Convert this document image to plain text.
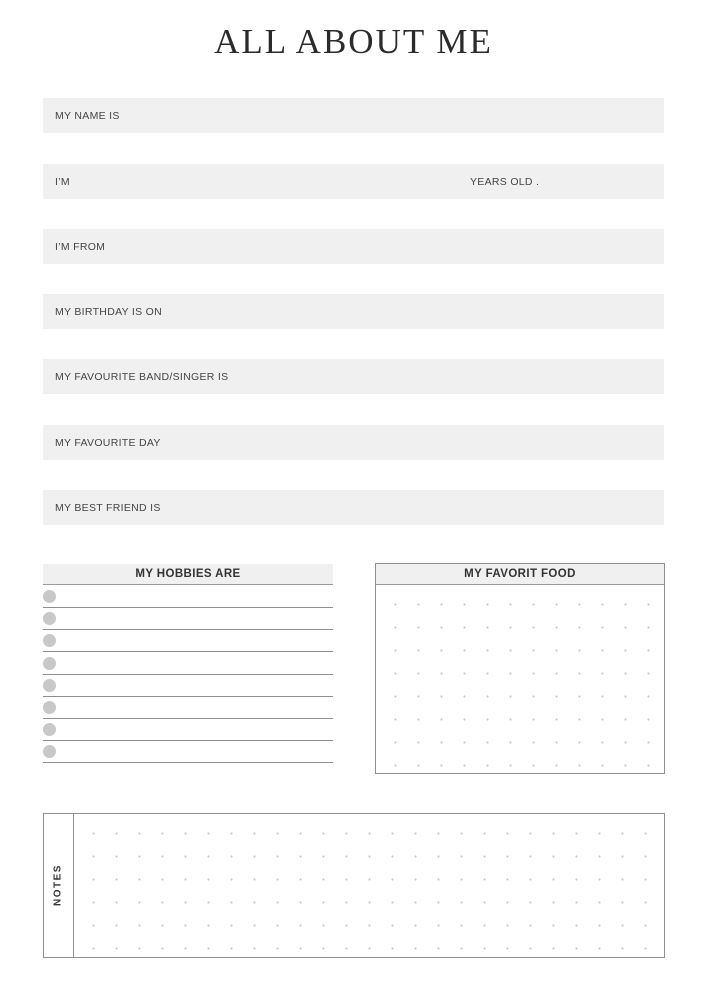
ALL ABOUT ME
MY NAME IS
I’M	YEARS OLD .
I’M FROM
MY BIRTHDAY IS ON
MY FAVOURITE BAND/SINGER IS
MY FAVOURITE DAY
MY BEST FRIEND IS
MY HOBBIES ARE	MY FAVORIT FOOD
NOTES
